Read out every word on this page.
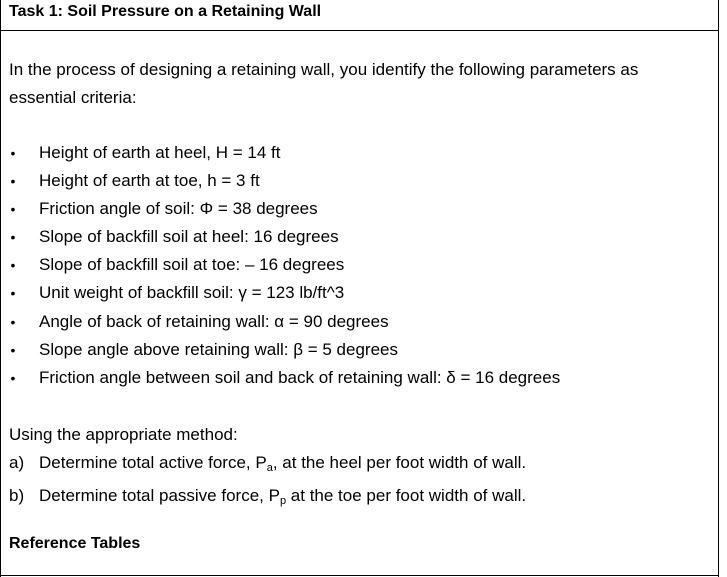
Task 1: Soil Pressure on a Retaining Wall
In the process of designing a retaining wall, you identify the following parameters as essential criteria:
• Height of earth at heel, H = 14 ft
• Height of earth at toe, h = 3 ft
• Friction angle of soil: Φ = 38 degrees
• Slope of backfill soil at heel: 16 degrees
• Slope of backfill soil at toe: – 16 degrees
• Unit weight of backfill soil: γ = 123 lb/ft^3
• Angle of back of retaining wall: α = 90 degrees
• Slope angle above retaining wall: β = 5 degrees
• Friction angle between soil and back of retaining wall: δ = 16 degrees
Using the appropriate method:
a) Determine total active force, $P_a$, at the heel per foot width of wall.
b) Determine total passive force, $P_p$ at the toe per foot width of wall.
Reference Tables
